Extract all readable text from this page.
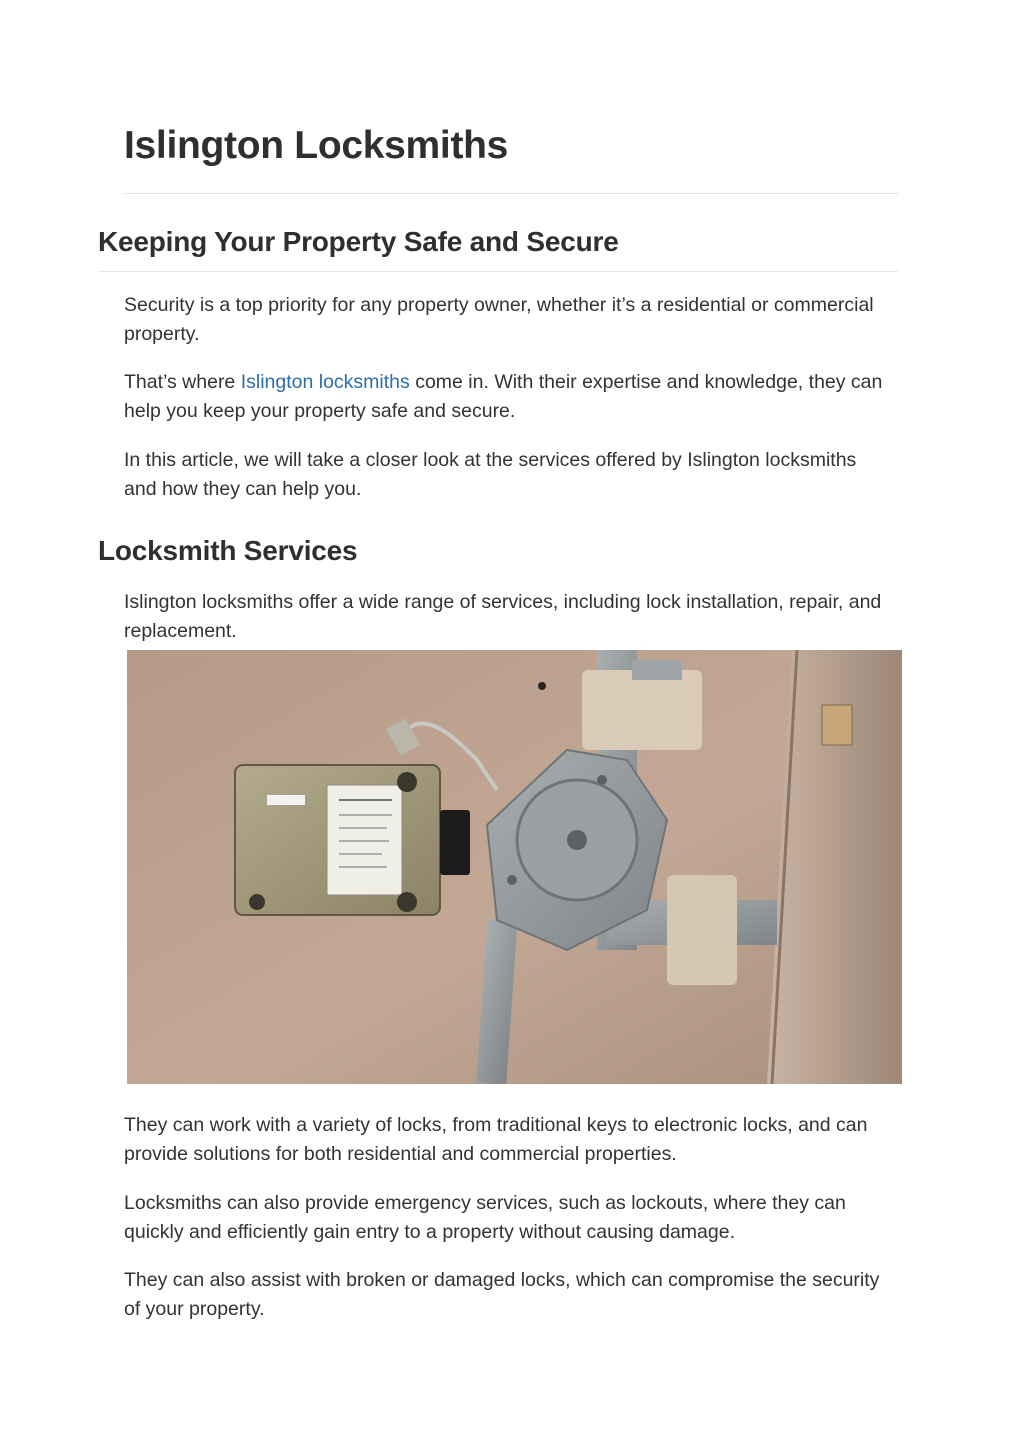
Islington Locksmiths
Keeping Your Property Safe and Secure

Security is a top priority for any property owner, whether it’s a residential or commercial property.

That’s where Islington locksmiths come in. With their expertise and knowledge, they can help you keep your property safe and secure.

In this article, we will take a closer look at the services offered by Islington locksmiths and how they can help you.

Locksmith Services

Islington locksmiths offer a wide range of services, including lock installation, repair, and replacement.

They can work with a variety of locks, from traditional keys to electronic locks, and can provide solutions for both residential and commercial properties.

Locksmiths can also provide emergency services, such as lockouts, where they can quickly and efficiently gain entry to a property without causing damage.

They can also assist with broken or damaged locks, which can compromise the security of your property.
